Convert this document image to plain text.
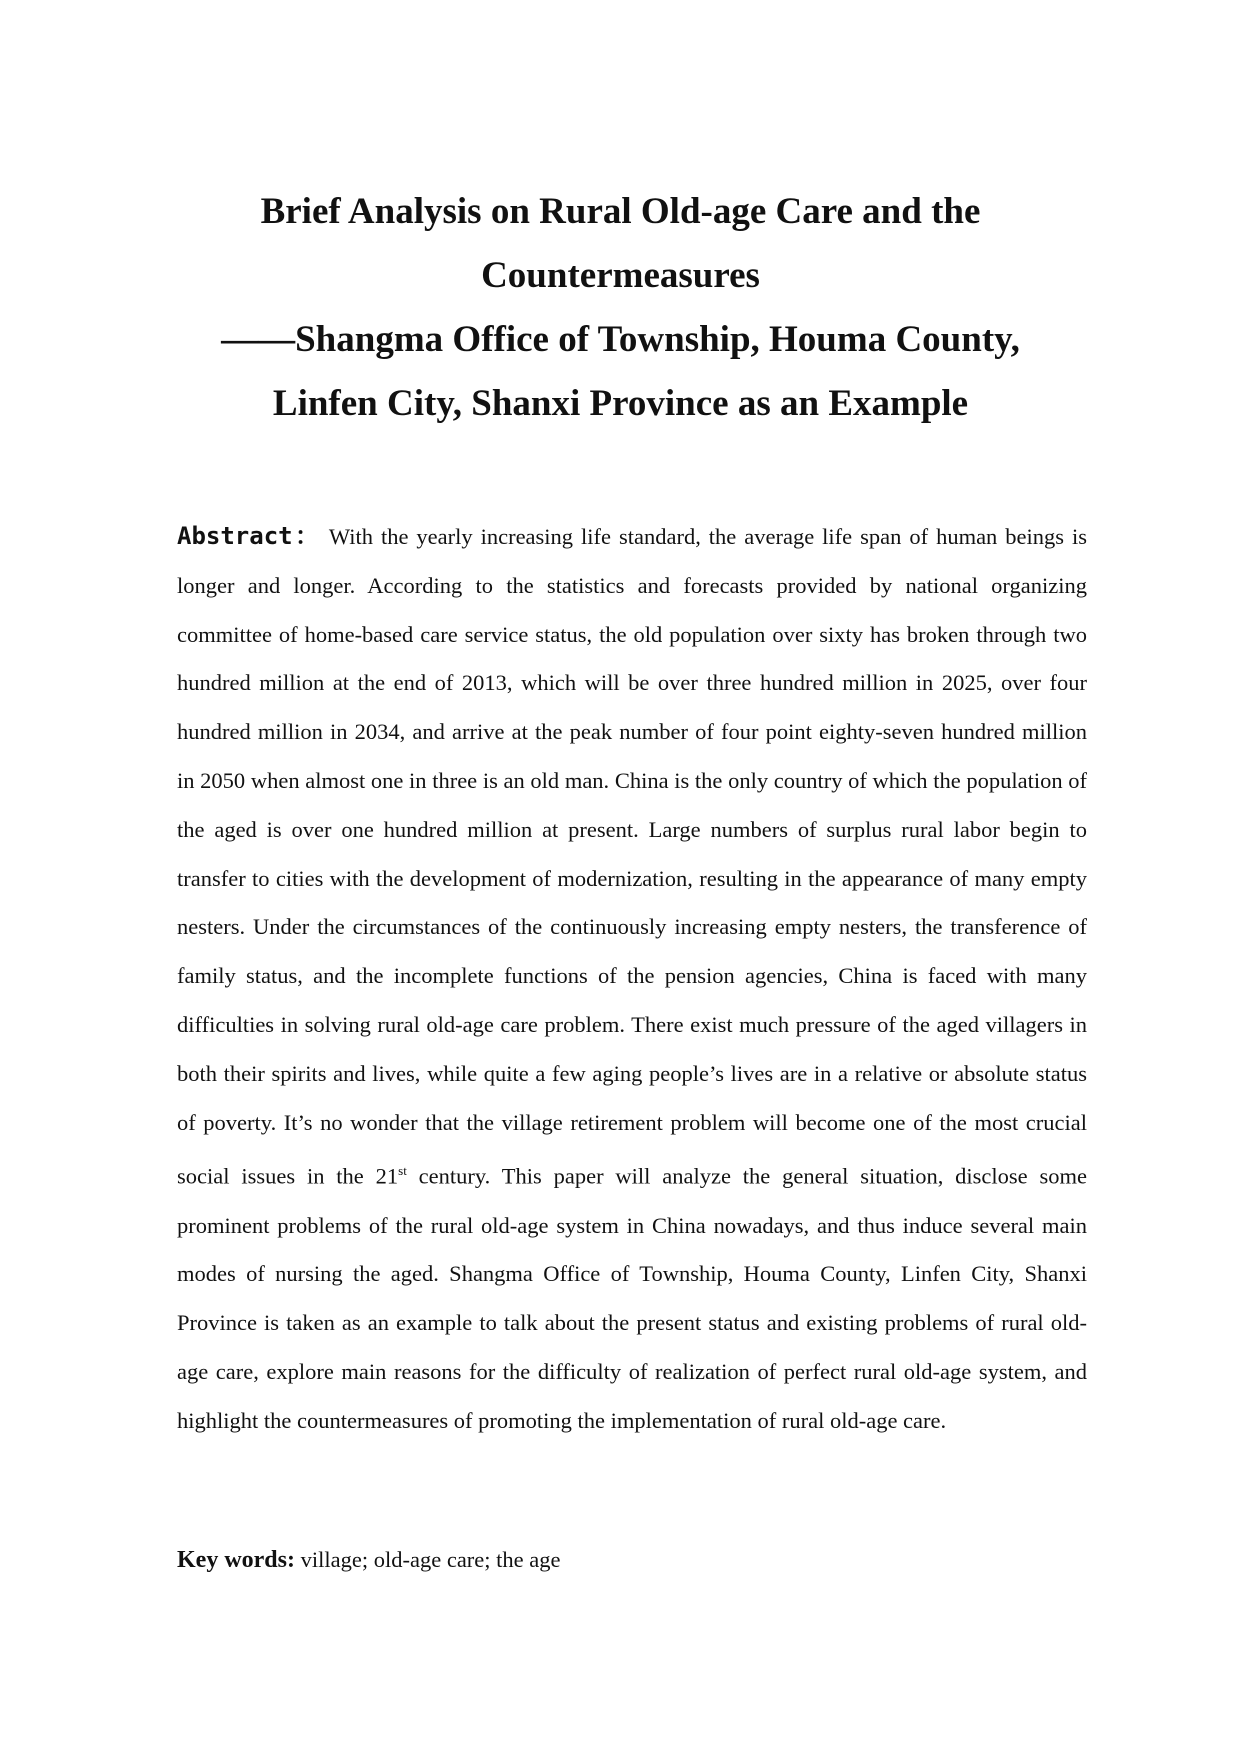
Brief Analysis on Rural Old-age Care and the
Countermeasures
——Shangma Office of Township, Houma County,
Linfen City, Shanxi Province as an Example

Abstract： With the yearly increasing life standard, the average life span of human beings is longer and longer. According to the statistics and forecasts provided by national organizing committee of home-based care service status, the old population over sixty has broken through two hundred million at the end of 2013, which will be over three hundred million in 2025, over four hundred million in 2034, and arrive at the peak number of four point eighty-seven hundred million in 2050 when almost one in three is an old man. China is the only country of which the population of the aged is over one hundred million at present. Large numbers of surplus rural labor begin to transfer to cities with the development of modernization, resulting in the appearance of many empty nesters. Under the circumstances of the continuously increasing empty nesters, the transference of family status, and the incomplete functions of the pension agencies, China is faced with many difficulties in solving rural old-age care problem. There exist much pressure of the aged villagers in both their spirits and lives, while quite a few aging people’s lives are in a relative or absolute status of poverty. It’s no wonder that the village retirement problem will become one of the most crucial social issues in the 21st century. This paper will analyze the general situation, disclose some prominent problems of the rural old-age system in China nowadays, and thus induce several main modes of nursing the aged. Shangma Office of Township, Houma County, Linfen City, Shanxi Province is taken as an example to talk about the present status and existing problems of rural old-age care, explore main reasons for the difficulty of realization of perfect rural old-age system, and highlight the countermeasures of promoting the implementation of rural old-age care.

Key words: village; old-age care; the age
